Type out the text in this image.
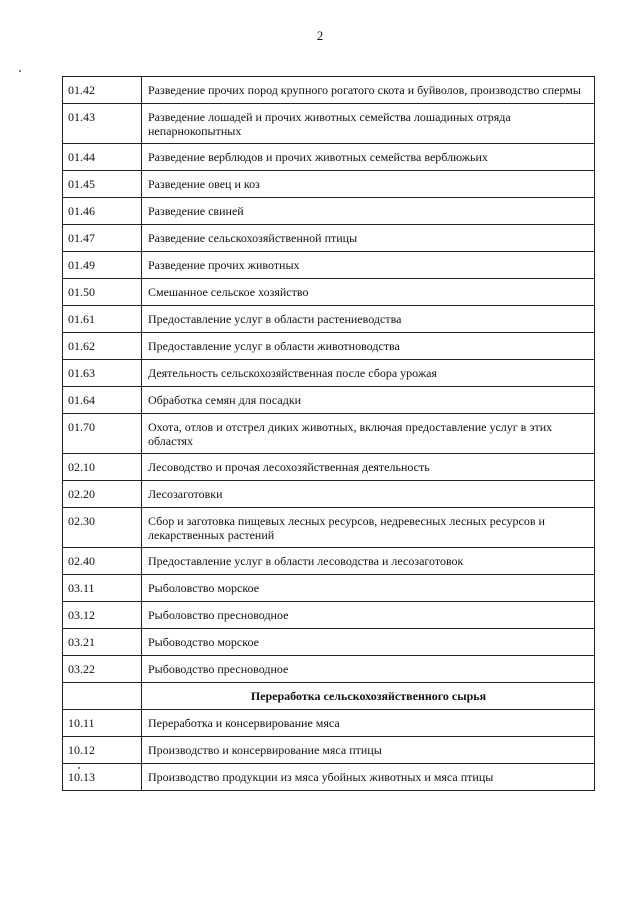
2
01.42	Разведение прочих пород крупного рогатого скота и буйволов, производство спермы
01.43	Разведение лошадей и прочих животных семейства лошадиных отряда непарнокопытных
01.44	Разведение верблюдов и прочих животных семейства верблюжьих
01.45	Разведение овец и коз
01.46	Разведение свиней
01.47	Разведение сельскохозяйственной птицы
01.49	Разведение прочих животных
01.50	Смешанное сельское хозяйство
01.61	Предоставление услуг в области растениеводства
01.62	Предоставление услуг в области животноводства
01.63	Деятельность сельскохозяйственная после сбора урожая
01.64	Обработка семян для посадки
01.70	Охота, отлов и отстрел диких животных, включая предоставление услуг в этих областях
02.10	Лесоводство и прочая лесохозяйственная деятельность
02.20	Лесозаготовки
02.30	Сбор и заготовка пищевых лесных ресурсов, недревесных лесных ресурсов и лекарственных растений
02.40	Предоставление услуг в области лесоводства и лесозаготовок
03.11	Рыболовство морское
03.12	Рыболовство пресноводное
03.21	Рыбоводство морское
03.22	Рыбоводство пресноводное
	Переработка сельскохозяйственного сырья
10.11	Переработка и консервирование мяса
10.12	Производство и консервирование мяса птицы
10.13	Производство продукции из мяса убойных животных и мяса птицы
